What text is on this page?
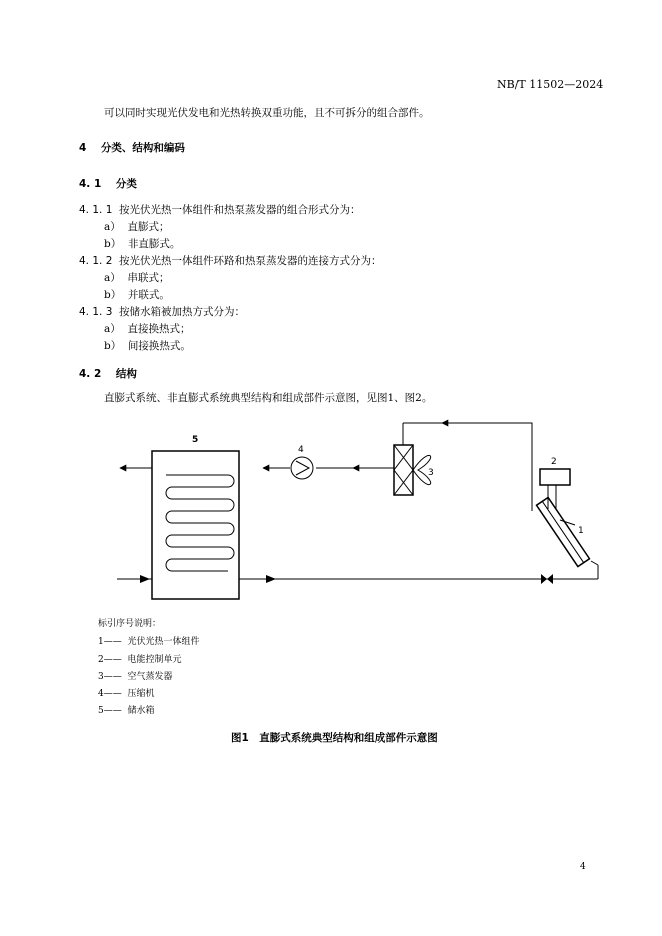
NB/T 11502—2024
可以同时实现光伏发电和光热转换双重功能，且不可拆分的组合部件。
4 分类、结构和编码
4. 1 分类
4. 1. 1 按光伏光热一体组件和热泵蒸发器的组合形式分为：
a） 直膨式；
b） 非直膨式。
4. 1. 2 按光伏光热一体组件环路和热泵蒸发器的连接方式分为：
a） 串联式；
b） 并联式。
4. 1. 3 按储水箱被加热方式分为：
a） 直接换热式；
b） 间接换热式。
4. 2 结构
直膨式系统、非直膨式系统典型结构和组成部件示意图，见图1、图2。
5
4
3
2
1
标引序号说明：
1—— 光伏光热一体组件
2—— 电能控制单元
3—— 空气蒸发器
4—— 压缩机
5—— 储水箱
图1　直膨式系统典型结构和组成部件示意图
4
